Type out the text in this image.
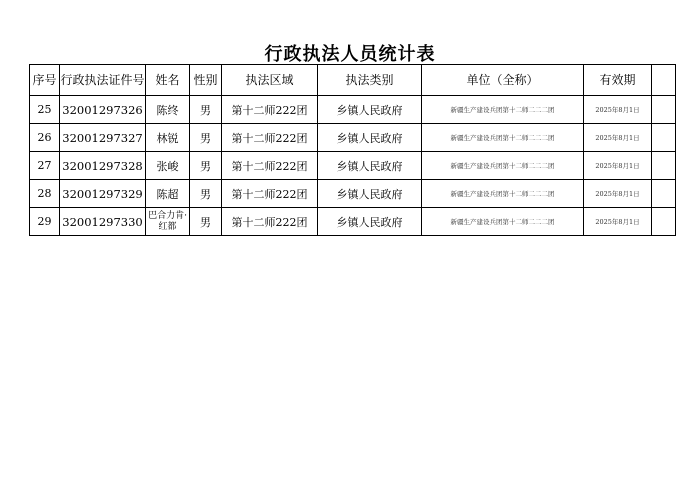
行政执法人员统计表
序号	行政执法证件号	姓名	性别	执法区域	执法类别	单位（全称）	有效期	
25	32001297326	陈终	男	第十二师222团	乡镇人民政府	新疆生产建设兵团第十二师二二二团	2025年8月1日	
26	32001297327	林锐	男	第十二师222团	乡镇人民政府	新疆生产建设兵团第十二师二二二团	2025年8月1日	
27	32001297328	张峻	男	第十二师222团	乡镇人民政府	新疆生产建设兵团第十二师二二二团	2025年8月1日	
28	32001297329	陈超	男	第十二师222团	乡镇人民政府	新疆生产建设兵团第十二师二二二团	2025年8月1日	
29	32001297330	巴合力肯·红都	男	第十二师222团	乡镇人民政府	新疆生产建设兵团第十二师二二二团	2025年8月1日	
